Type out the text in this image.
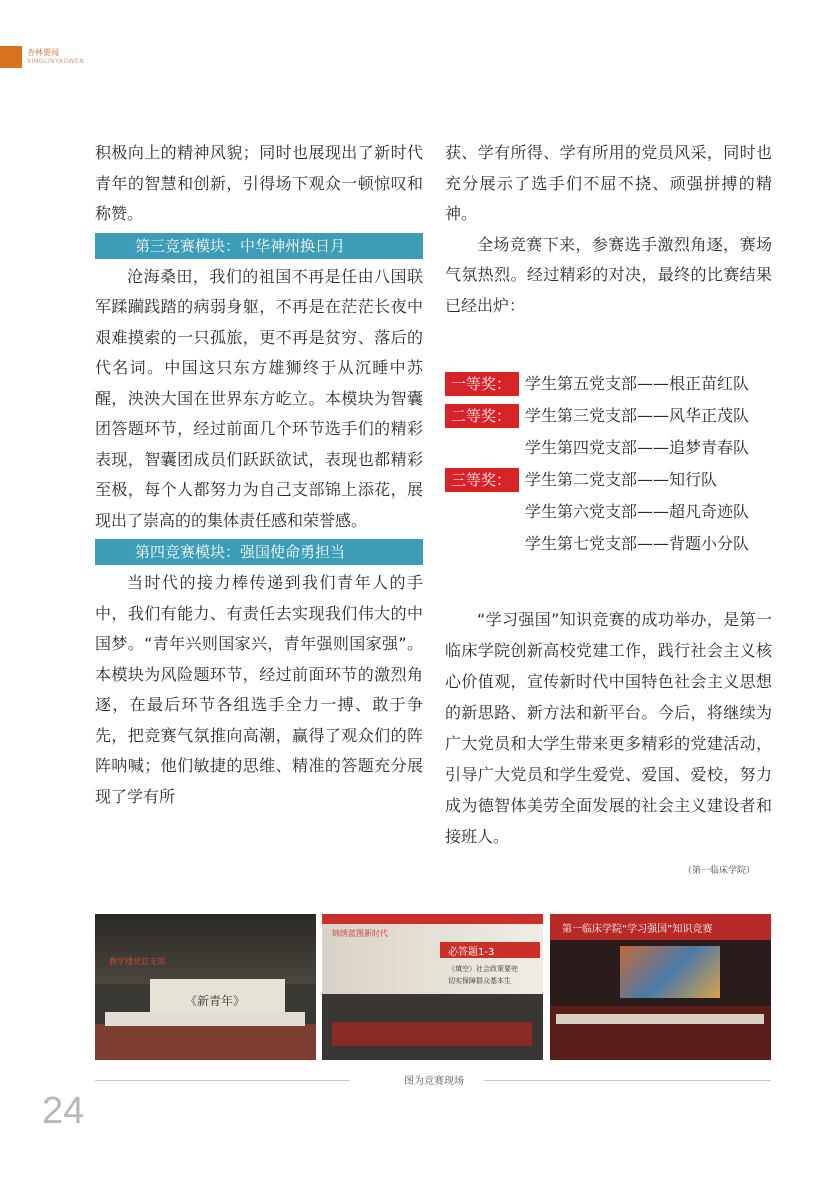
杏林要闻
XINGLINYAOWEN

积极向上的精神风貌；同时也展现出了新时代青年的智慧和创新，引得场下观众一顿惊叹和称赞。

第三竞赛模块：中华神州换日月

沧海桑田，我们的祖国不再是任由八国联军蹂躏践踏的病弱身躯，不再是在茫茫长夜中艰难摸索的一只孤旅，更不再是贫穷、落后的代名词。中国这只东方雄狮终于从沉睡中苏醒，泱泱大国在世界东方屹立。本模块为智囊团答题环节，经过前面几个环节选手们的精彩表现，智囊团成员们跃跃欲试，表现也都精彩至极，每个人都努力为自己支部锦上添花，展现出了崇高的的集体责任感和荣誉感。

第四竞赛模块：强国使命勇担当

当时代的接力棒传递到我们青年人的手中，我们有能力、有责任去实现我们伟大的中国梦。“青年兴则国家兴，青年强则国家强”。本模块为风险题环节，经过前面环节的激烈角逐，在最后环节各组选手全力一搏、敢于争先，把竞赛气氛推向高潮，赢得了观众们的阵阵呐喊；他们敏捷的思维、精准的答题充分展现了学有所

获、学有所得、学有所用的党员风采，同时也充分展示了选手们不屈不挠、顽强拼搏的精神。

全场竞赛下来，参赛选手激烈角逐，赛场气氛热烈。经过精彩的对决，最终的比赛结果已经出炉：

一等奖： 学生第五党支部——根正苗红队
二等奖： 学生第三党支部——风华正茂队
学生第四党支部——追梦青春队
三等奖： 学生第二党支部——知行队
学生第六党支部——超凡奇迹队
学生第七党支部——背题小分队

“学习强国”知识竞赛的成功举办，是第一临床学院创新高校党建工作，践行社会主义核心价值观，宣传新时代中国特色社会主义思想的新思路、新方法和新平台。今后，将继续为广大党员和大学生带来更多精彩的党建活动，引导广大党员和学生爱党、爱国、爱校，努力成为德智体美劳全面发展的社会主义建设者和接班人。

（第一临床学院）
教学楼党总支部
《新青年》
锦绣蓝图新时代
必答题1-3
（填空）社会政策要兜
切实保障群众基本生
第一临床学院“学习强国”知识竞赛
图为竞赛现场
24
